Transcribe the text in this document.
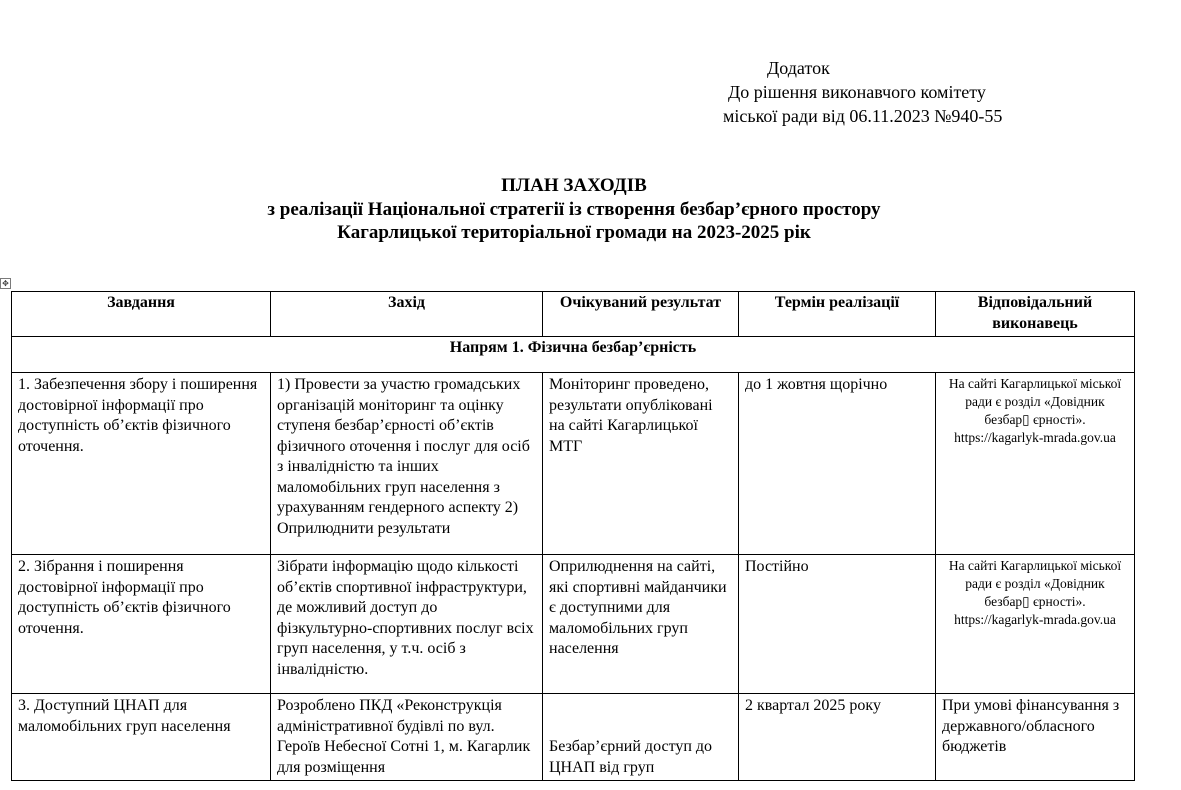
Додаток
До рішення виконавчого комітету
міської ради від 06.11.2023 №940-55
ПЛАН ЗАХОДІВ
з реалізації Національної стратегії із створення безбар’єрного простору
Кагарлицької територіальної громади на 2023-2025 рік
✥
Завдання	Захід	Очікуваний результат	Термін реалізації	Відповідальний виконавець
Напрям 1. Фізична безбар’єрність				
1. Забезпечення збору і поширення достовірної інформації про доступність об’єктів фізичного оточення.	1) Провести за участю громадських організацій моніторинг та оцінку ступеня безбар’єрності об’єктів фізичного оточення і послуг для осіб з інвалідністю та інших маломобільних груп населення з урахуванням гендерного аспекту 2) Оприлюднити результати	Моніторинг проведено, результати опубліковані на сайті Кагарлицької МТГ	до 1 жовтня щорічно	На сайті Кагарлицької міської ради є розділ «Довідник безбар▯ єрності». https://kagarlyk-mrada.gov.ua
2. Зібрання і поширення достовірної інформації про доступність об’єктів фізичного оточення.	Зібрати інформацію щодо кількості об’єктів спортивної інфраструктури, де можливий доступ до фізкультурно-спортивних послуг всіх груп населення, у т.ч. осіб з інвалідністю.	Оприлюднення на сайті, які спортивні майданчики є доступними для маломобільних груп населення	Постійно	На сайті Кагарлицької міської ради є розділ «Довідник безбар▯ єрності». https://kagarlyk-mrada.gov.ua
3. Доступний ЦНАП для маломобільних груп населення	Розроблено ПКД «Реконструкція адміністративної будівлі по вул. Героїв Небесної Сотні 1, м. Кагарлик для розміщення	Безбар’єрний доступ до ЦНАП від груп	2 квартал 2025 року	При умові фінансування з державного/обласного бюджетів
